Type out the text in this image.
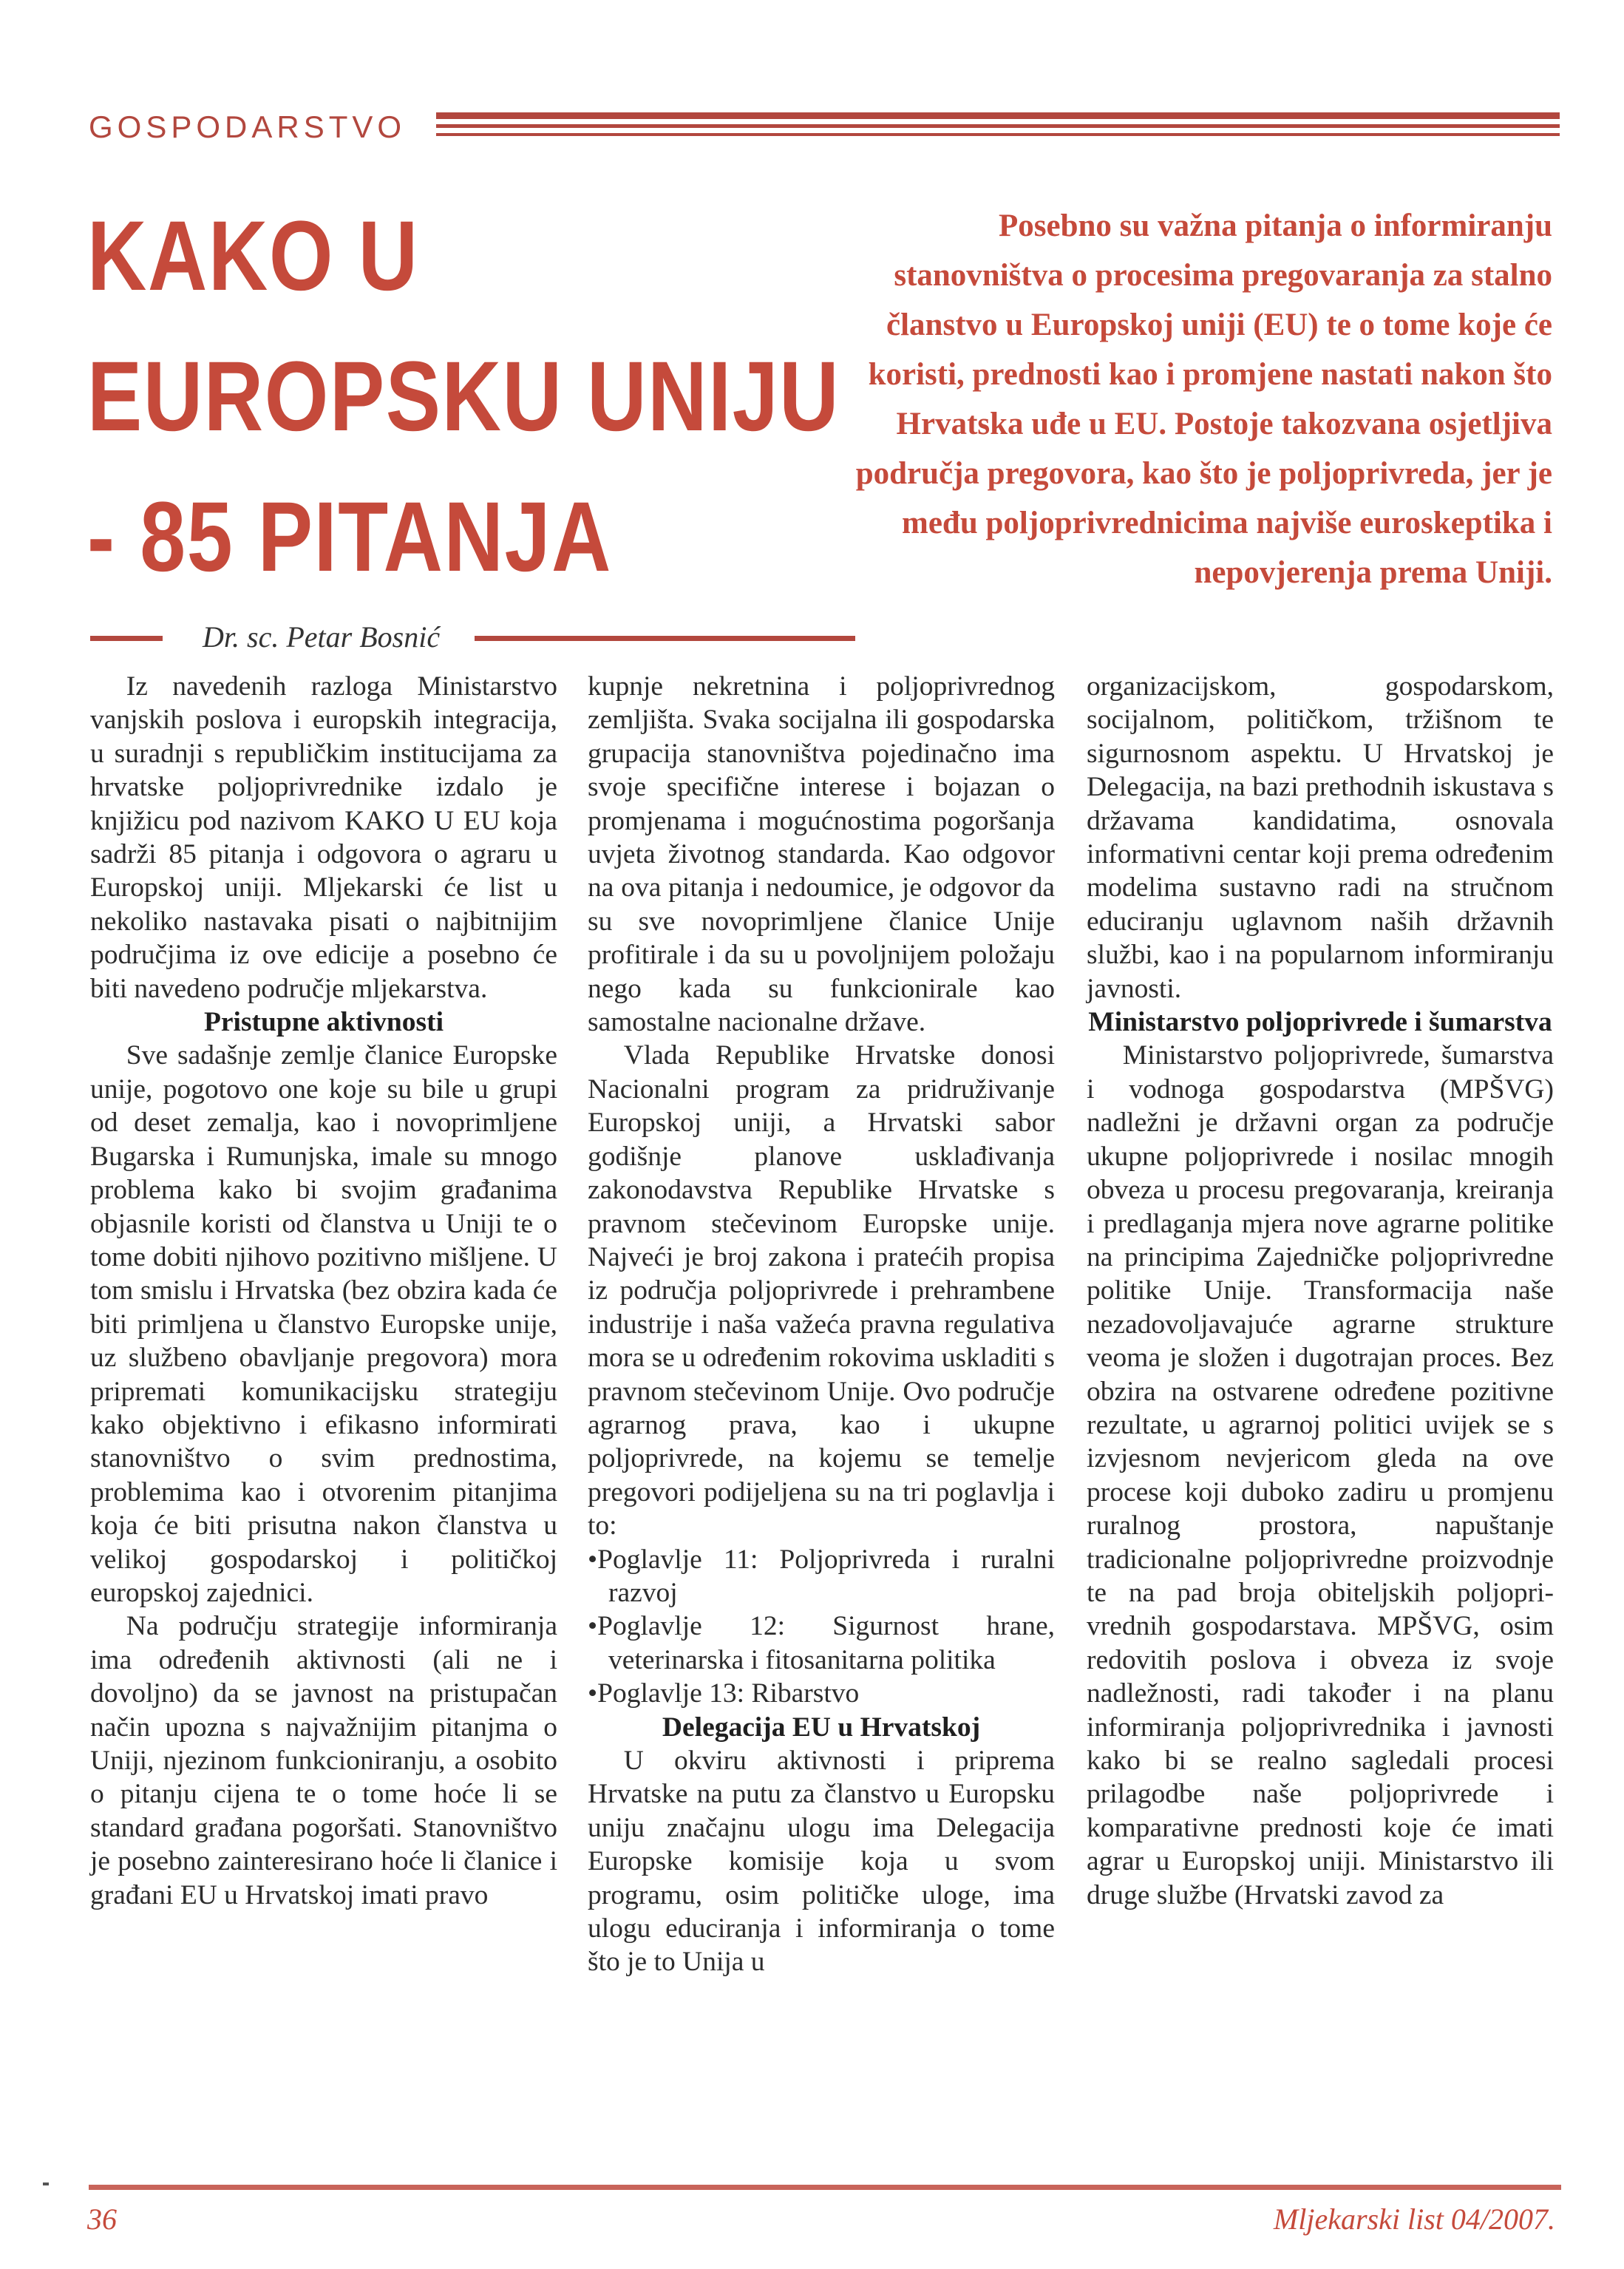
GOSPODARSTVO
KAKO U
EUROPSKU UNIJU
- 85 PITANJA
Posebno su važna pitanja o informiranju stanovništva o procesima pregovaranja za stalno članstvo u Europskoj uniji (EU) te o tome koje će koristi, prednosti kao i promjene nastati nakon što Hrvatska uđe u EU. Postoje takozvana osjetljiva područja pregovora, kao što je poljoprivreda, jer je među poljoprivrednicima najviše euroskeptika i nepovjerenja prema Uniji.
Dr. sc. Petar Bosnić

Iz navedenih razloga Ministarstvo vanjskih poslova i europskih integracija, u suradnji s republičkim institucijama za hrvatske poljoprivrednike izdalo je knjižicu pod nazivom KAKO U EU koja sadrži 85 pitanja i odgovora o agraru u Europskoj uniji. Mljekarski će list u nekoliko nastavaka pisati o najbitnijim područjima iz ove edicije a posebno će biti navedeno područje mljekarstva.

Pristupne aktivnosti

Sve sadašnje zemlje članice Europske unije, pogotovo one koje su bile u grupi od deset zemalja, kao i novoprimljene Bugarska i Rumunjska, imale su mnogo problema kako bi svojim građanima objasnile koristi od članstva u Uniji te o tome dobiti njihovo pozitivno mišljene. U tom smislu i Hrvatska (bez obzira kada će biti primljena u članstvo Europske unije, uz službeno obavljanje pregovora) mora pripremati komunikacijsku strategiju kako objektivno i efikasno informirati stanovništvo o svim prednostima, problemima kao i otvorenim pitanjima koja će biti prisutna nakon članstva u velikoj gospodarskoj i političkoj europskoj zajednici.

Na području strategije informiranja ima određenih aktivnosti (ali ne i dovoljno) da se javnost na pristupačan način upozna s najvažnijim pitanjma o Uniji, njezinom funkcioniranju, a osobito o pitanju cijena te o tome hoće li se standard građana pogoršati. Stanovništvo je posebno zainteresirano hoće li članice i građani EU u Hrvatskoj imati pravo

kupnje nekretnina i poljoprivrednog zemljišta. Svaka socijalna ili gospodarska grupacija stanovništva pojedinačno ima svoje specifične interese i bojazan o promjenama i mogućnostima pogoršanja uvjeta životnog standarda. Kao odgovor na ova pitanja i nedoumice, je odgovor da su sve novoprimljene članice Unije profitirale i da su u povoljnijem položaju nego kada su funkcionirale kao samostalne nacionalne države.

Vlada Republike Hrvatske donosi Nacionalni program za pridruživanje Europskoj uniji, a Hrvatski sabor godišnje planove usklađivanja zakonodavstva Republike Hrvatske s pravnom stečevinom Europske unije. Najveći je broj zakona i pratećih propisa iz područja poljoprivrede i prehrambene industrije i naša važeća pravna regulativa mora se u određenim rokovima uskladiti s pravnom stečevinom Unije. Ovo područje agrarnog prava, kao i ukupne poljoprivrede, na kojemu se temelje pregovori podijeljena su na tri poglavlja i to:

• Poglavlje 11: Poljoprivreda i ruralni razvoj
• Poglavlje 12: Sigurnost hrane, veterinarska i fitosanitarna politika
• Poglavlje 13: Ribarstvo
Delegacija EU u Hrvatskoj

U okviru aktivnosti i priprema Hrvatske na putu za članstvo u Europsku uniju značajnu ulogu ima Delegacija Europske komisije koja u svom programu, osim političke uloge, ima ulogu educiranja i informiranja o tome što je to Unija u

organizacijskom, gospodarskom, socijalnom, političkom, tržišnom te sigurnosnom aspektu. U Hrvatskoj je Delegacija, na bazi prethodnih iskustava s državama kandidatima, osnovala informativni centar koji prema određenim modelima sustavno radi na stručnom educiranju uglavnom naših državnih službi, kao i na popularnom informiranju javnosti.

Ministarstvo poljoprivrede i šumarstva

Ministarstvo poljoprivrede, šumarstva i vodnoga gospodarstva (MPŠVG) nadležni je državni organ za područje ukupne poljoprivrede i nosilac mnogih obveza u procesu pregovaranja, kreiranja i predlaganja mjera nove agrarne politike na principima Zajedničke poljoprivredne politike Unije. Transformacija naše nezadovoljavajuće agrarne strukture veoma je složen i dugotrajan proces. Bez obzira na ostvarene određene pozitivne rezultate, u agrarnoj politici uvijek se s izvjesnom nevjericom gleda na ove procese koji duboko zadiru u promjenu ruralnog prostora, napuštanje tradicionalne poljoprivredne proizvodnje te na pad broja obiteljskih poljopri-vrednih gospodarstava. MPŠVG, osim redovitih poslova i obveza iz svoje nadležnosti, radi također i na planu informiranja poljoprivrednika i javnosti kako bi se realno sagledali procesi prilagodbe naše poljoprivrede i komparativne prednosti koje će imati agrar u Europskoj uniji. Ministarstvo ili druge službe (Hrvatski zavod za

36	Mljekarski list 04/2007.
